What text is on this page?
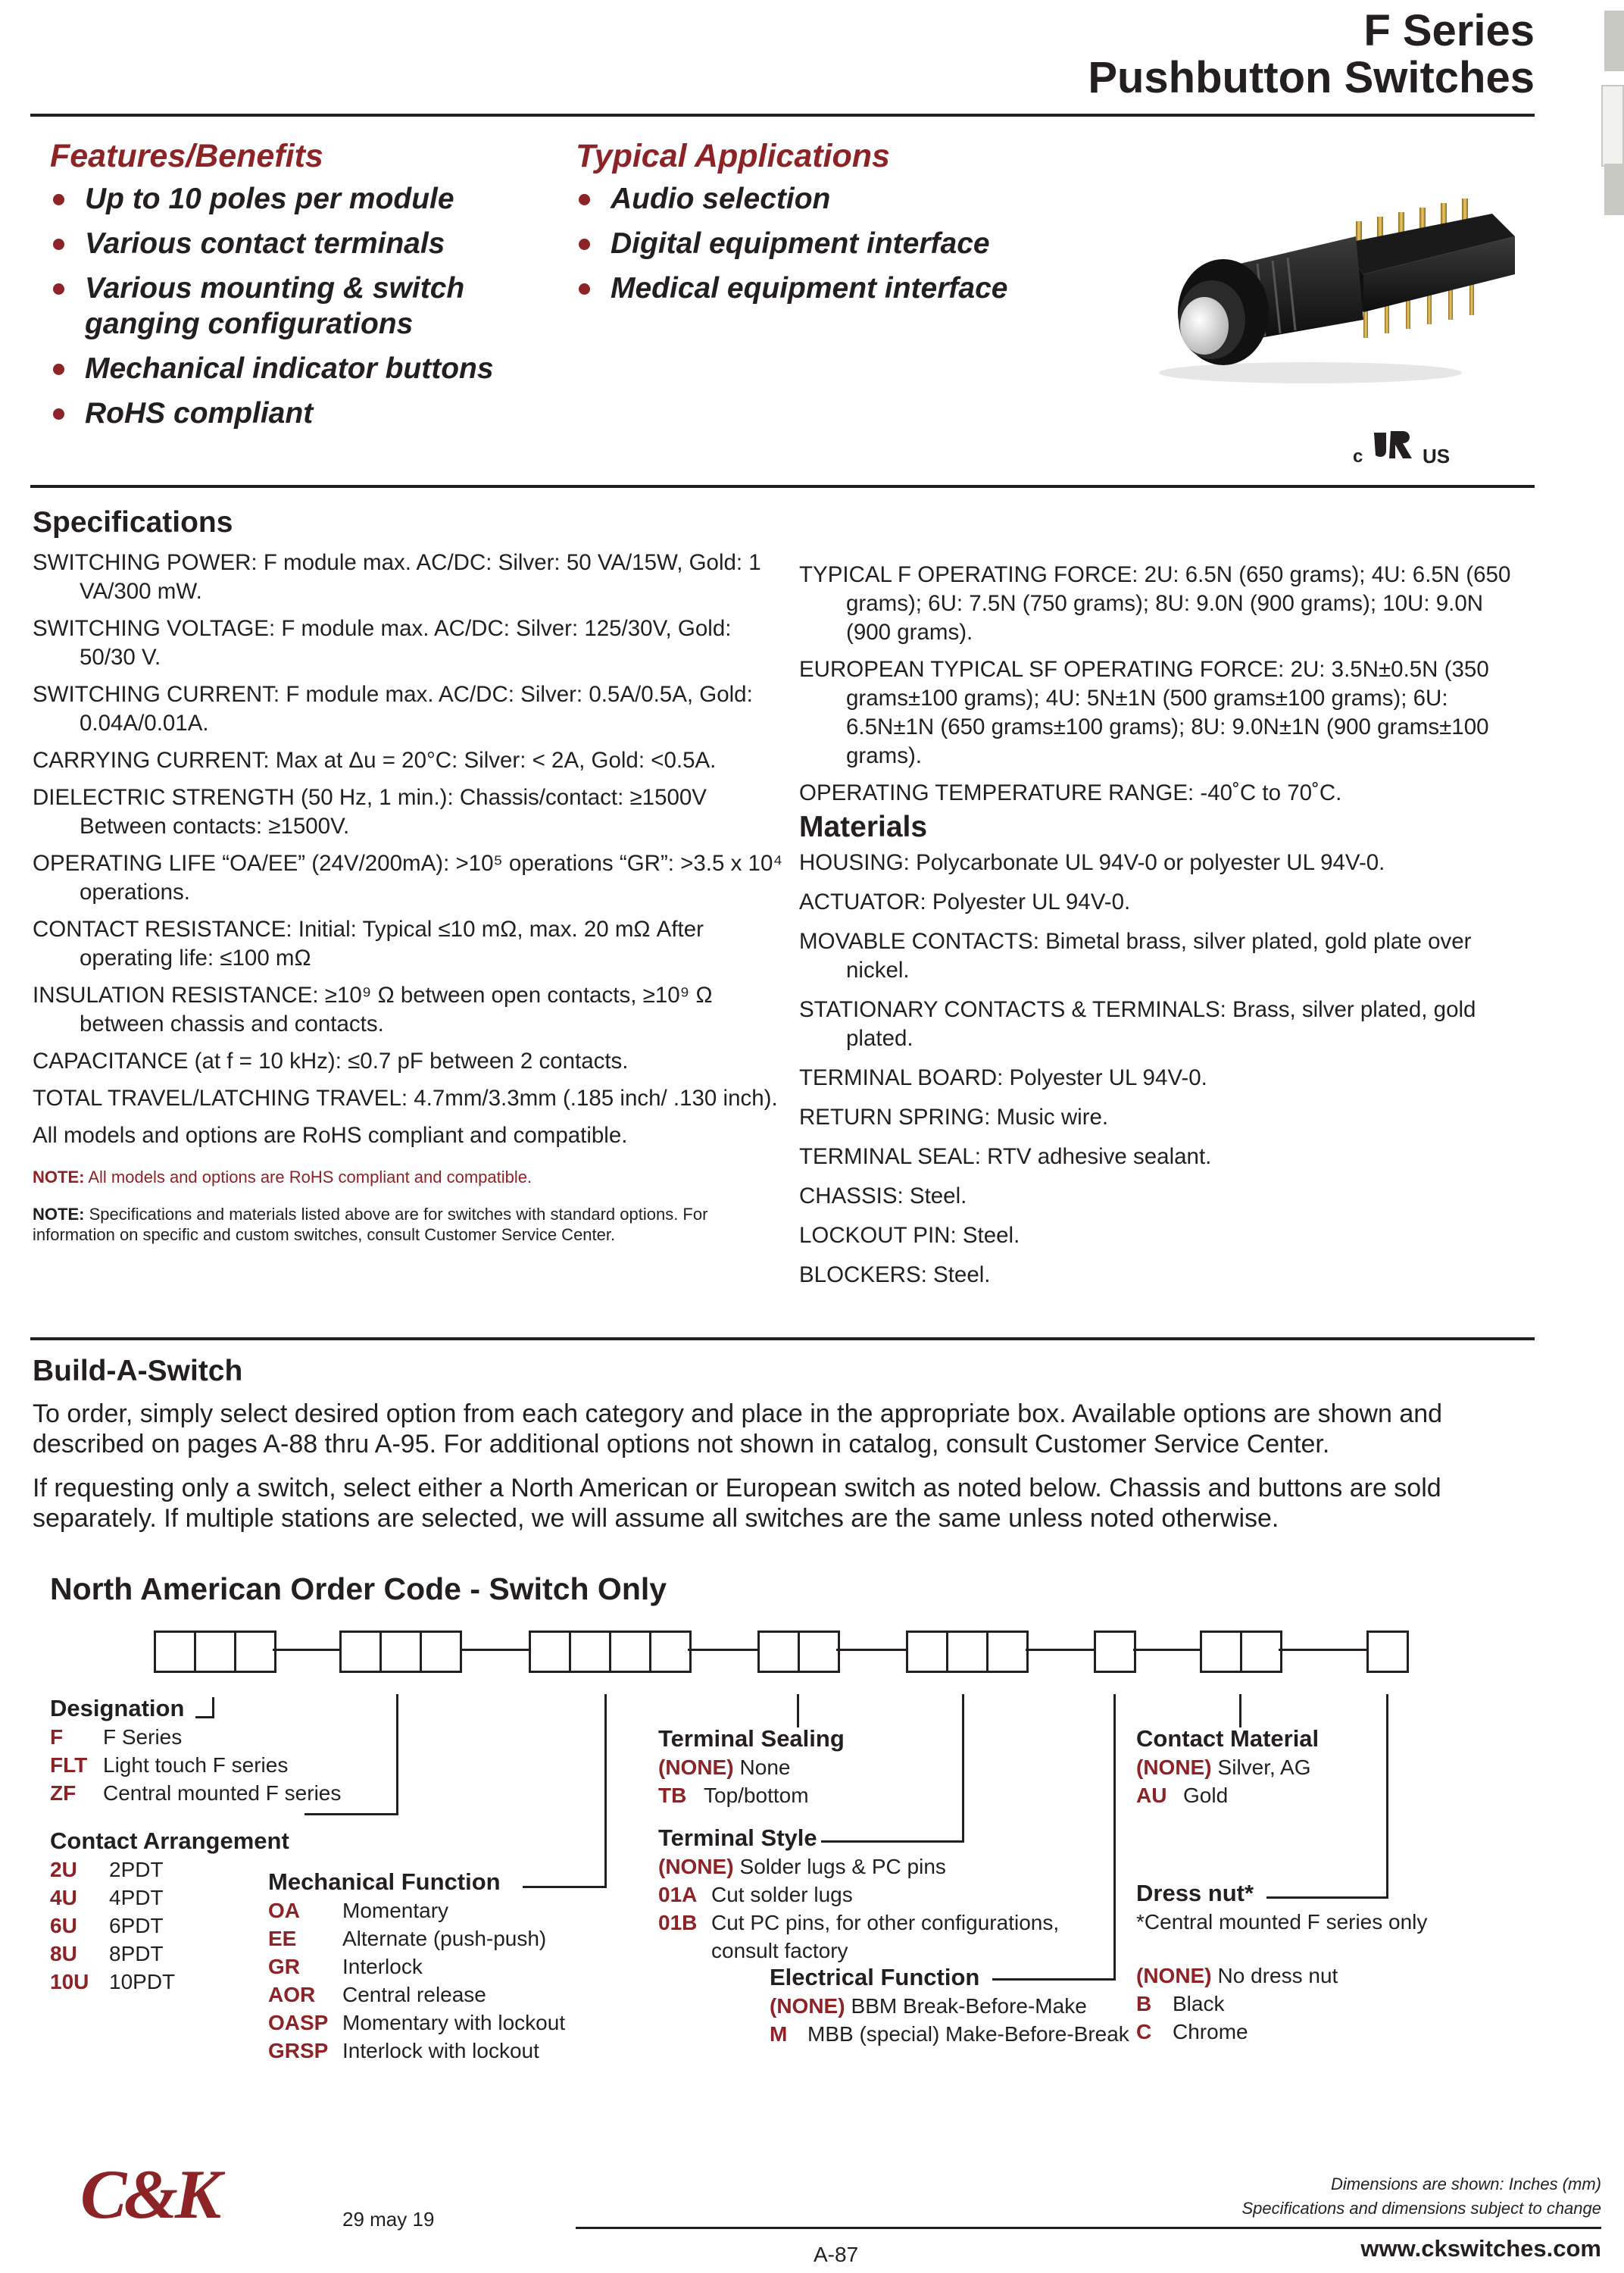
F Series
Pushbutton Switches
Features/Benefits
Up to 10 poles per module
Various contact terminals
Various mounting & switch ganging configurations
Mechanical indicator buttons
RoHS compliant
Typical Applications
Audio selection
Digital equipment interface
Medical equipment interface
c	US
Specifications

SWITCHING POWER: F module max. AC/DC: Silver: 50 VA/15W, Gold: 1 VA/300 mW.

SWITCHING VOLTAGE: F module max. AC/DC: Silver: 125/30V, Gold: 50/30 V.

SWITCHING CURRENT: F module max. AC/DC: Silver: 0.5A/0.5A, Gold: 0.04A/0.01A.

CARRYING CURRENT: Max at Δu = 20°C: Silver: < 2A, Gold: <0.5A.

DIELECTRIC STRENGTH (50 Hz, 1 min.): Chassis/contact: ≥1500V Between contacts: ≥1500V.

OPERATING LIFE “OA/EE” (24V/200mA): >10⁵ operations “GR”: >3.5 x 10⁴ operations.

CONTACT RESISTANCE: Initial: Typical ≤10 mΩ, max. 20 mΩ After operating life: ≤100 mΩ

INSULATION RESISTANCE: ≥10⁹ Ω between open contacts, ≥10⁹ Ω between chassis and contacts.

CAPACITANCE (at f = 10 kHz): ≤0.7 pF between 2 contacts.

TOTAL TRAVEL/LATCHING TRAVEL: 4.7mm/3.3mm (.185 inch/ .130 inch).

All models and options are RoHS compliant and compatible.

NOTE: All models and options are RoHS compliant and compatible.
NOTE: Specifications and materials listed above are for switches with standard options. For information on specific and custom switches, consult Customer Service Center.

TYPICAL F OPERATING FORCE: 2U: 6.5N (650 grams); 4U: 6.5N (650 grams); 6U: 7.5N (750 grams); 8U: 9.0N (900 grams); 10U: 9.0N (900 grams).

EUROPEAN TYPICAL SF OPERATING FORCE: 2U: 3.5N±0.5N (350 grams±100 grams); 4U: 5N±1N (500 grams±100 grams); 6U: 6.5N±1N (650 grams±100 grams); 8U: 9.0N±1N (900 grams±100 grams).

OPERATING TEMPERATURE RANGE: -40˚C to 70˚C.

Materials

HOUSING: Polycarbonate UL 94V-0 or polyester UL 94V-0.

ACTUATOR: Polyester UL 94V-0.

MOVABLE CONTACTS: Bimetal brass, silver plated, gold plate over nickel.

STATIONARY CONTACTS & TERMINALS: Brass, silver plated, gold plated.

TERMINAL BOARD: Polyester UL 94V-0.

RETURN SPRING: Music wire.

TERMINAL SEAL: RTV adhesive sealant.

CHASSIS: Steel.

LOCKOUT PIN: Steel.

BLOCKERS: Steel.

Build-A-Switch

To order, simply select desired option from each category and place in the appropriate box. Available options are shown and described on pages A-88 thru A-95. For additional options not shown in catalog, consult Customer Service Center.

If requesting only a switch, select either a North American or European switch as noted below. Chassis and buttons are sold separately. If multiple stations are selected, we will assume all switches are the same unless noted otherwise.

North American Order Code - Switch Only
Designation
F F Series
FLT Light touch F series
ZF Central mounted F series
Contact Arrangement
2U 2PDT
4U 4PDT
6U 6PDT
8U 8PDT
10U 10PDT
Mechanical Function
OA Momentary
EE Alternate (push-push)
GR Interlock
AOR Central release
OASP Momentary with lockout
GRSP Interlock with lockout
Terminal Sealing
(NONE) None
TB Top/bottom
Terminal Style
(NONE) Solder lugs & PC pins
01A Cut solder lugs
01B Cut PC pins, for other configurations,
consult factory
Electrical Function
(NONE) BBM Break-Before-Make
M MBB (special) Make-Before-Break
Contact Material
(NONE) Silver, AG
AU Gold
Dress nut*
*Central mounted F series only
(NONE) No dress nut
B Black
C Chrome
C&K	29 may 19
A-87
Dimensions are shown: Inches (mm)
Specifications and dimensions subject to change
www.ckswitches.com
